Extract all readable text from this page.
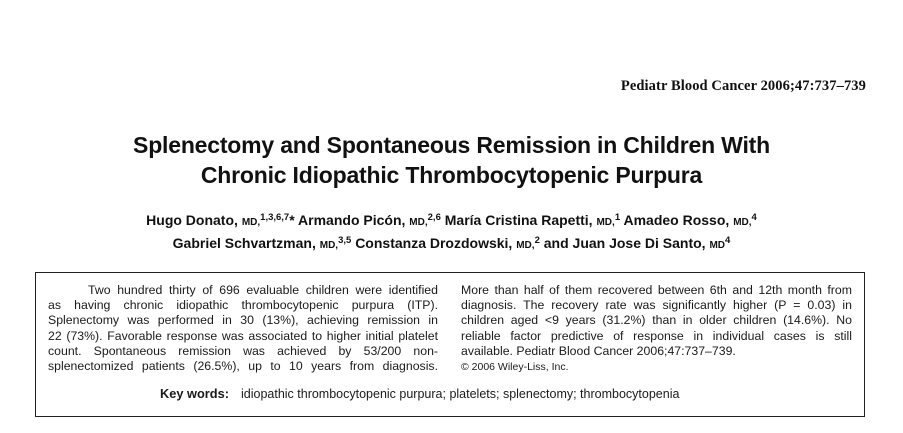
Pediatr Blood Cancer 2006;47:737–739
Splenectomy and Spontaneous Remission in Children With
Chronic Idiopathic Thrombocytopenic Purpura
Hugo Donato, MD,$^{1,3,6,7}$* Armando Picón, MD,$^{2,6}$ María Cristina Rapetti, MD,$^1$ Amadeo Rosso, MD,$^4$
Gabriel Schvartzman, MD,$^{3,5}$ Constanza Drozdowski, MD,$^2$ and Juan Jose Di Santo, $MD^4$
Two hundred thirty of 696 evaluable children were identified
as having chronic idiopathic thrombocytopenic purpura (ITP).
Splenectomy was performed in 30 (13%), achieving remission in
22 (73%). Favorable response was associated to higher initial platelet
count. Spontaneous remission was achieved by 53/200 non-
splenectomized patients (26.5%), up to 10 years from diagnosis.
More than half of them recovered between 6th and 12th month from
diagnosis. The recovery rate was significantly higher (P = 0.03) in
children aged <9 years (31.2%) than in older children (14.6%). No
reliable factor predictive of response in individual cases is still
available. Pediatr Blood Cancer 2006;47:737–739.
© 2006 Wiley-Liss, Inc.
Key words: idiopathic thrombocytopenic purpura; platelets; splenectomy; thrombocytopenia
